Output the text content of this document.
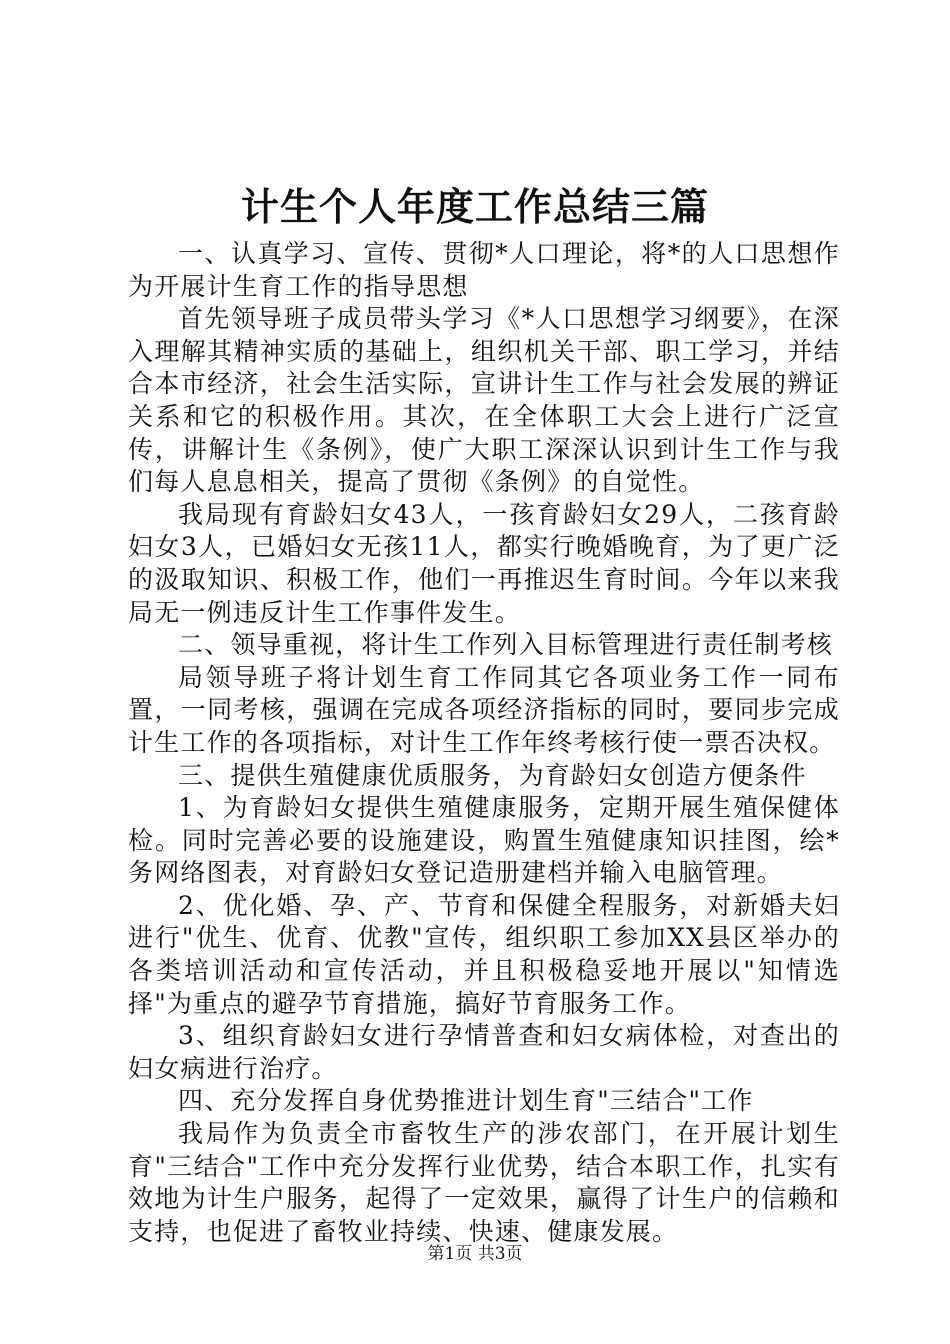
计生个人年度工作总结三篇

一、认真学习、宣传、贯彻*人口理论，将*的人口思想作为开展计生育工作的指导思想

首先领导班子成员带头学习《*人口思想学习纲要》，在深入理解其精神实质的基础上，组织机关干部、职工学习，并结合本市经济，社会生活实际，宣讲计生工作与社会发展的辨证关系和它的积极作用。其次，在全体职工大会上进行广泛宣传，讲解计生《条例》，使广大职工深深认识到计生工作与我们每人息息相关，提高了贯彻《条例》的自觉性。

我局现有育龄妇女43人，一孩育龄妇女29人，二孩育龄妇女3人，已婚妇女无孩11人，都实行晚婚晚育，为了更广泛的汲取知识、积极工作，他们一再推迟生育时间。今年以来我局无一例违反计生工作事件发生。

二、领导重视，将计生工作列入目标管理进行责任制考核

局领导班子将计划生育工作同其它各项业务工作一同布置，一同考核，强调在完成各项经济指标的同时，要同步完成计生工作的各项指标，对计生工作年终考核行使一票否决权。

三、提供生殖健康优质服务，为育龄妇女创造方便条件

1、为育龄妇女提供生殖健康服务，定期开展生殖保健体检。同时完善必要的设施建设，购置生殖健康知识挂图，绘*务网络图表，对育龄妇女登记造册建档并输入电脑管理。

2、优化婚、孕、产、节育和保健全程服务，对新婚夫妇进行"优生、优育、优教"宣传，组织职工参加XX县区举办的各类培训活动和宣传活动，并且积极稳妥地开展以"知情选择"为重点的避孕节育措施，搞好节育服务工作。

3、组织育龄妇女进行孕情普查和妇女病体检，对查出的妇女病进行治疗。

四、充分发挥自身优势推进计划生育"三结合"工作

我局作为负责全市畜牧生产的涉农部门，在开展计划生育"三结合"工作中充分发挥行业优势，结合本职工作，扎实有效地为计生户服务，起得了一定效果，赢得了计生户的信赖和支持，也促进了畜牧业持续、快速、健康发展。

第1页 共3页
